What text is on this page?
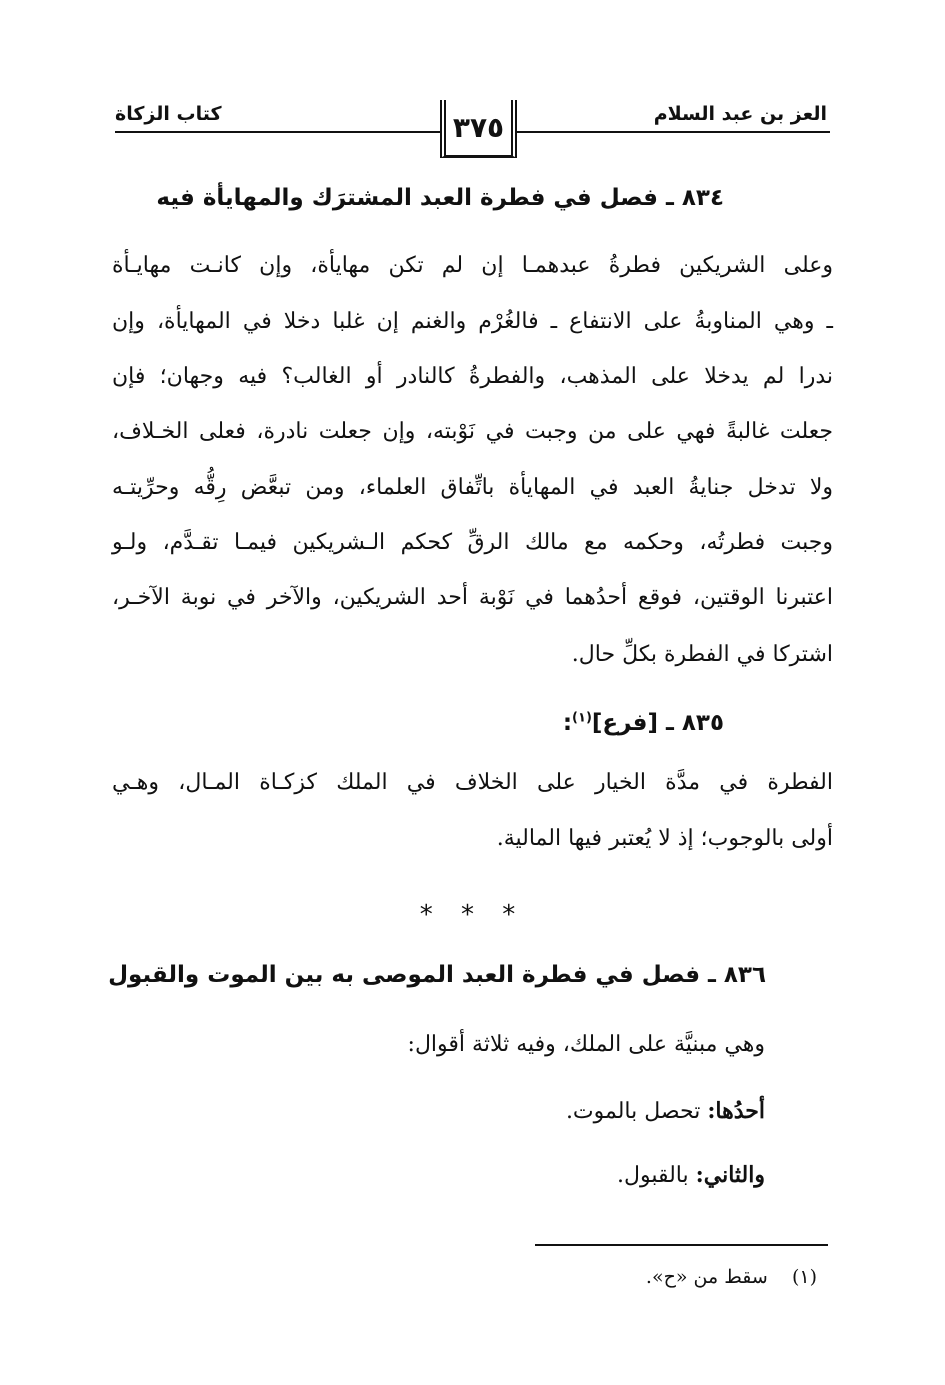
العز بن عبد السلام
كتاب الزكاة	٣٧٥
٨٣٤ ـ فصل في فطرة العبد المشترَك والمهايأة فيه
وعلى الشريكين فطرةُ عبدهمـا إن لم تكن مهايأة، وإن كانـت مهايـأة
ـ وهي المناوبةُ على الانتفاع ـ فالغُرْم والغنم إن غلبا دخلا في المهايأة، وإن
ندرا لم يدخلا على المذهب، والفطرةُ كالنادر أو الغالب؟ فيه وجهان؛ فإن
جعلت غالبةً فهي على من وجبت في نَوْبته، وإن جعلت نادرة، فعلى الخـلاف،
ولا تدخل جنايةُ العبد في المهايأة باتِّفاق العلماء، ومن تبعَّض رِقُّه وحرِّيتـه
وجبت فطرتُه، وحكمه مع مالك الرقِّ كحكم الـشريكين فيمـا تقـدَّم، ولـو
اعتبرنا الوقتين، فوقع أحدُهما في نَوْبة أحد الشريكين، والآخر في نوبة الآخـر،
اشتركا في الفطرة بكلِّ حال.
٨٣٥ ـ [فرع]$^{(١)}$:
الفطرة في مدَّة الخيار على الخلاف في الملك كزكـاة المـال، وهـي
أولى بالوجوب؛ إذ لا يُعتبر فيها المالية.
* * *
٨٣٦ ـ فصل في فطرة العبد الموصى به بين الموت والقبول
وهي مبنيَّة على الملك، وفيه ثلاثة أقوال:
أحدُها: تحصل بالموت.
والثاني: بالقبول.
(١)    سقط من «ح».
